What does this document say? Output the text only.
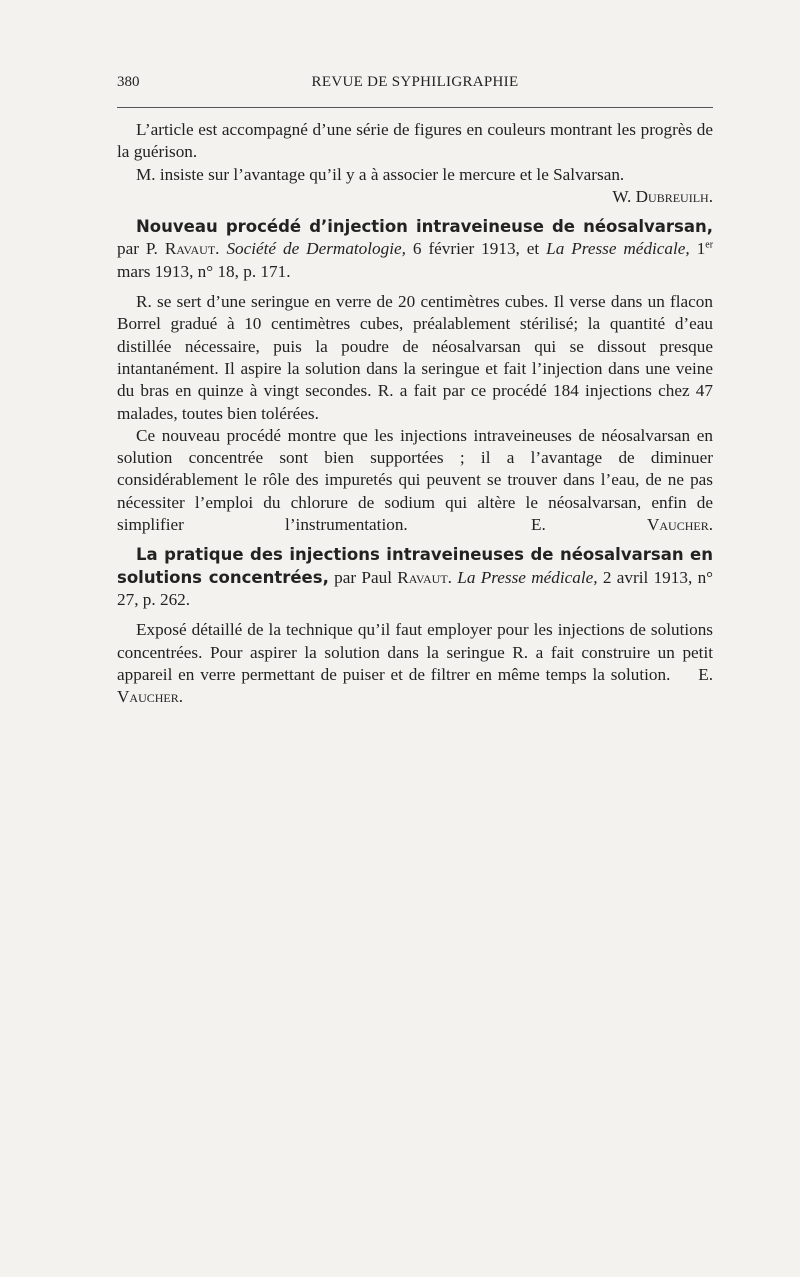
380	REVUE DE SYPHILIGRAPHIE

L’article est accompagné d’une série de figures en couleurs montrant les progrès de la guérison.

M. insiste sur l’avantage qu’il y a à associer le mercure et le Salvarsan.

W. Dubreuilh.

Nouveau procédé d’injection intraveineuse de néosalvarsan, par P. Ravaut. Société de Dermatologie, 6 février 1913, et La Presse médicale, 1er mars 1913, n° 18, p. 171.

R. se sert d’une seringue en verre de 20 centimètres cubes. Il verse dans un flacon Borrel gradué à 10 centimètres cubes, préalablement stérilisé; la quantité d’eau distillée nécessaire, puis la poudre de néosalvarsan qui se dissout presque intantanément. Il aspire la solution dans la seringue et fait l’injection dans une veine du bras en quinze à vingt secondes. R. a fait par ce procédé 184 injections chez 47 malades, toutes bien tolérées.

Ce nouveau procédé montre que les injections intraveineuses de néosalvarsan en solution concentrée sont bien supportées ; il a l’avantage de diminuer considérablement le rôle des impuretés qui peuvent se trouver dans l’eau, de ne pas nécessiter l’emploi du chlorure de sodium qui altère le néosalvarsan, enfin de simplifier l’instrumentation.	E.	Vaucher.

La pratique des injections intraveineuses de néosalvarsan en solutions concentrées, par Paul Ravaut. La Presse médicale, 2 avril 1913, n° 27, p. 262.

Exposé détaillé de la technique qu’il faut employer pour les injections de solutions concentrées. Pour aspirer la solution dans la seringue R. a fait construire un petit appareil en verre permettant de puiser et de filtrer en même temps la solution. E. Vaucher.
